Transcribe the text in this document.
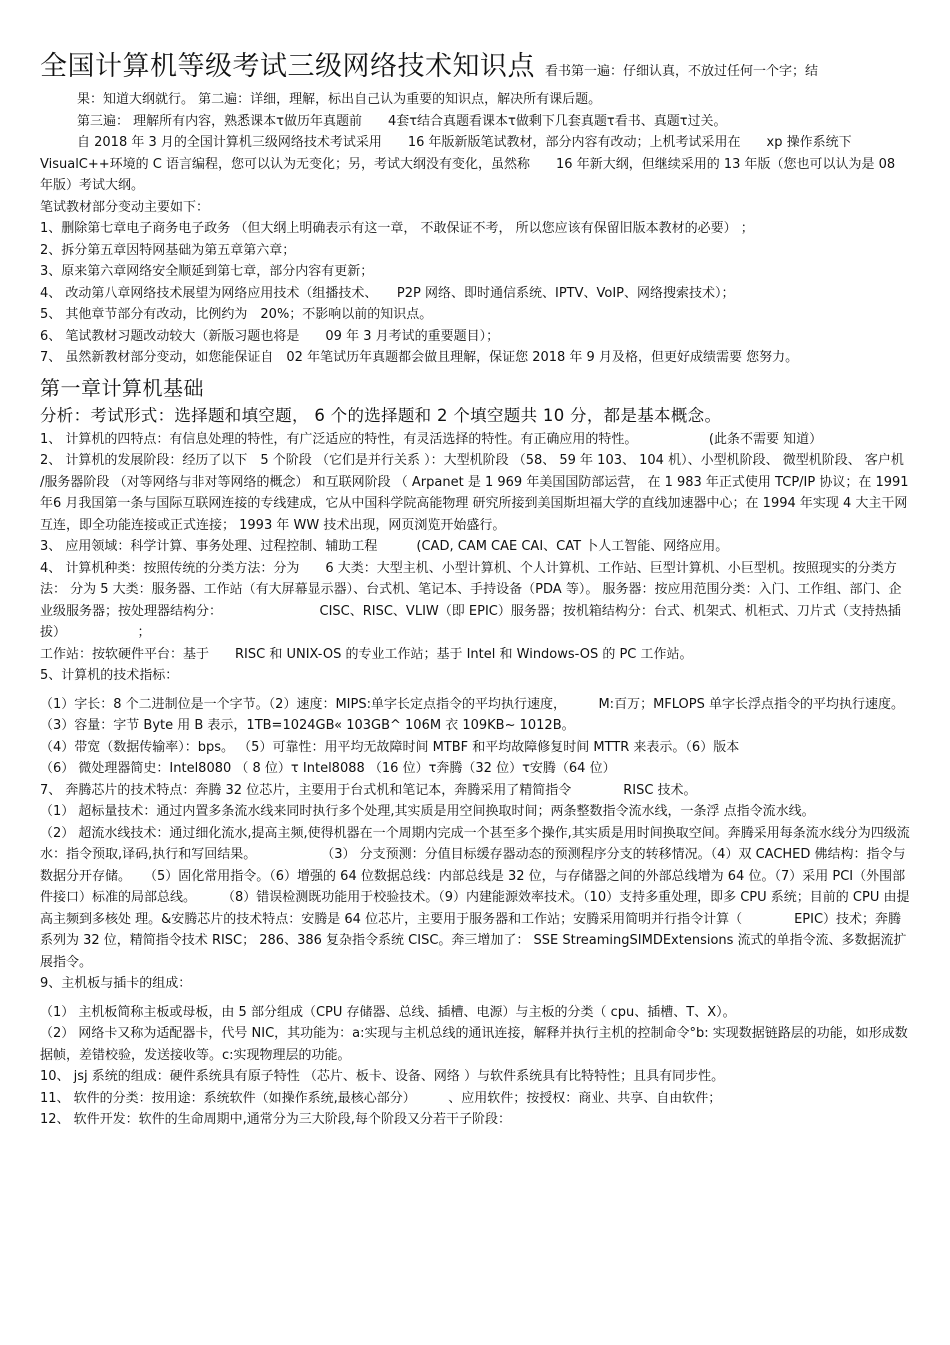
全国计算机等级考试三级网络技术知识点 看书第一遍：仔细认真，不放过任何一个字；结

果：知道大纲就行。 第二遍：详细，理解，标出自己认为重要的知识点，解决所有课后题。

第三遍： 理解所有内容，熟悉课本τ做历年真题前　　4套τ结合真题看课本τ做剩下几套真题τ看书、真题τ过关。

自 2018 年 3 月的全国计算机三级网络技术考试采用　　16 年版新版笔试教材，部分内容有改动；上机考试采用在　　xp 操作系统下 VisualC++环境的 C 语言编程，您可以认为无变化；另，考试大纲没有变化，虽然称　　16 年新大纲，但继续采用的 13 年版（您也可以认为是 08 年版）考试大纲。

笔试教材部分变动主要如下：

1、删除第七章电子商务电子政务 （但大纲上明确表示有这一章， 不敢保证不考， 所以您应该有保留旧版本教材的必要） ；

2、拆分第五章因特网基础为第五章第六章；

3、原来第六章网络安全顺延到第七章，部分内容有更新；

4、 改动第八章网络技术展望为网络应用技术（组播技术、　　P2P 网络、即时通信系统、IPTV、VoIP、网络搜索技术）；

5、 其他章节部分有改动，比例约为　20%；不影响以前的知识点。

6、 笔试教材习题改动较大（新版习题也将是　　09 年 3 月考试的重要题目）；

7、 虽然新教材部分变动，如您能保证自　02 年笔试历年真题都会做且理解，保证您 2018 年 9 月及格，但更好成绩需要 您努力。

第一章计算机基础
分析：考试形式：选择题和填空题， 6 个的选择题和 2 个填空题共 10 分，都是基本概念。

1、 计算机的四特点：有信息处理的特性，有广泛适应的特性，有灵活选择的特性。有正确应用的特性。　　　　　　(此条不需要 知道）

2、 计算机的发展阶段：经历了以下　5 个阶段 （它们是并行关系 ）：大型机阶段 （58、 59 年 103、 104 机）、小型机阶段、 微型机阶段、 客户机 /服务器阶段 （对等网络与非对等网络的概念） 和互联网阶段 （ Arpanet 是 1 969 年美国国防部运营， 在 1 983 年正式使用 TCP/IP 协议；在 1991 年6 月我国第一条与国际互联网连接的专线建成，它从中国科学院高能物理 研究所接到美国斯坦福大学的直线加速器中心；在 1994 年实现 4 大主干网互连，即全功能连接或正式连接； 1993 年 WW 技术出现，网页浏览开始盛行。

3、 应用领域：科学计算、事务处理、过程控制、辅助工程　　　(CAD, CAM CAE CAI、CAT 卜人工智能、网络应用。

4、 计算机种类：按照传统的分类方法：分为　　6 大类：大型主机、小型计算机、个人计算机、工作站、巨型计算机、小巨型机。按照现实的分类方法： 分为 5 大类：服务器、工作站（有大屏幕显示器）、台式机、笔记本、手持设备（PDA 等）。 服务器：按应用范围分类：入门、工作组、部门、企业级服务器；按处理器结构分：　　　　　　　　CISC、RISC、VLIW（即 EPIC）服务器；按机箱结构分：台式、机架式、机柜式、刀片式（支持热插拔）　　　　　　；

工作站：按软硬件平台：基于　　RISC 和 UNIX-OS 的专业工作站；基于 Intel 和 Windows-OS 的 PC 工作站。

5、计算机的技术指标：

（1）字长：8 个二进制位是一个字节。（2）速度：MIPS:单字长定点指令的平均执行速度，　　　M:百万；MFLOPS 单字长浮点指令的平均执行速度。　（3）容量：字节 Byte 用 B 表示，1TB=1024GB« 103GB^ 106M 衣 109KB~ 1012B。

（4）带宽（数据传输率）：bps。 （5）可靠性：用平均无故障时间 MTBF 和平均故障修复时间 MTTR 来表示。（6）版本

（6） 微处理器简史：Intel8080 （ 8 位）τ Intel8088 （16 位）τ奔腾（32 位）τ安腾（64 位）

7、 奔腾芯片的技术特点：奔腾 32 位芯片，主要用于台式机和笔记本，奔腾采用了精简指令　　　　RISC 技术。

（1） 超标量技术：通过内置多条流水线来同时执行多个处理,其实质是用空间换取时间；两条整数指令流水线，一条浮 点指令流水线。

（2） 超流水线技术：通过细化流水,提高主频,使得机器在一个周期内完成一个甚至多个操作,其实质是用时间换取空间。奔腾采用每条流水线分为四级流水：指令预取,译码,执行和写回结果。　　　　　　（3） 分支预测：分值目标缓存器动态的预测程序分支的转移情况。（4）双 CACHED 佛结构：指令与数据分开存储。　　（5）固化常用指令。（6）增强的 64 位数据总线：内部总线是 32 位，与存储器之间的外部总线增为 64 位。（7）采用 PCI（外围部件接口）标准的局部总线。　　　（8）错误检测既功能用于校验技术。（9）内建能源效率技术。（10）支持多重处理，即多 CPU 系统；目前的 CPU 由提高主频到多核处 理。&安腾芯片的技术特点：安腾是 64 位芯片，主要用于服务器和工作站；安腾采用简明并行指令计算（　　　　EPIC）技术；奔腾系列为 32 位，精简指令技术 RISC； 286、386 复杂指令系统 CISC。奔三增加了： SSE StreamingSIMDExtensions 流式的单指令流、多数据流扩展指令。

9、主机板与插卡的组成：

（1） 主机板简称主板或母板，由 5 部分组成（CPU 存储器、总线、插槽、电源）与主板的分类（ cpu、插槽、T、X）。

（2） 网络卡又称为适配器卡，代号 NIC，其功能为：a:实现与主机总线的通讯连接，解释并执行主机的控制命令°b: 实现数据链路层的功能，如形成数据帧，差错校验，发送接收等。c:实现物理层的功能。

10、 jsj 系统的组成：硬件系统具有原子特性 （芯片、板卡、设备、网络 ）与软件系统具有比特特性；且具有同步性。

11、 软件的分类：按用途：系统软件（如操作系统,最核心部分）　　　、应用软件；按授权：商业、共享、自由软件；

12、 软件开发：软件的生命周期中,通常分为三大阶段,每个阶段又分若干子阶段：
